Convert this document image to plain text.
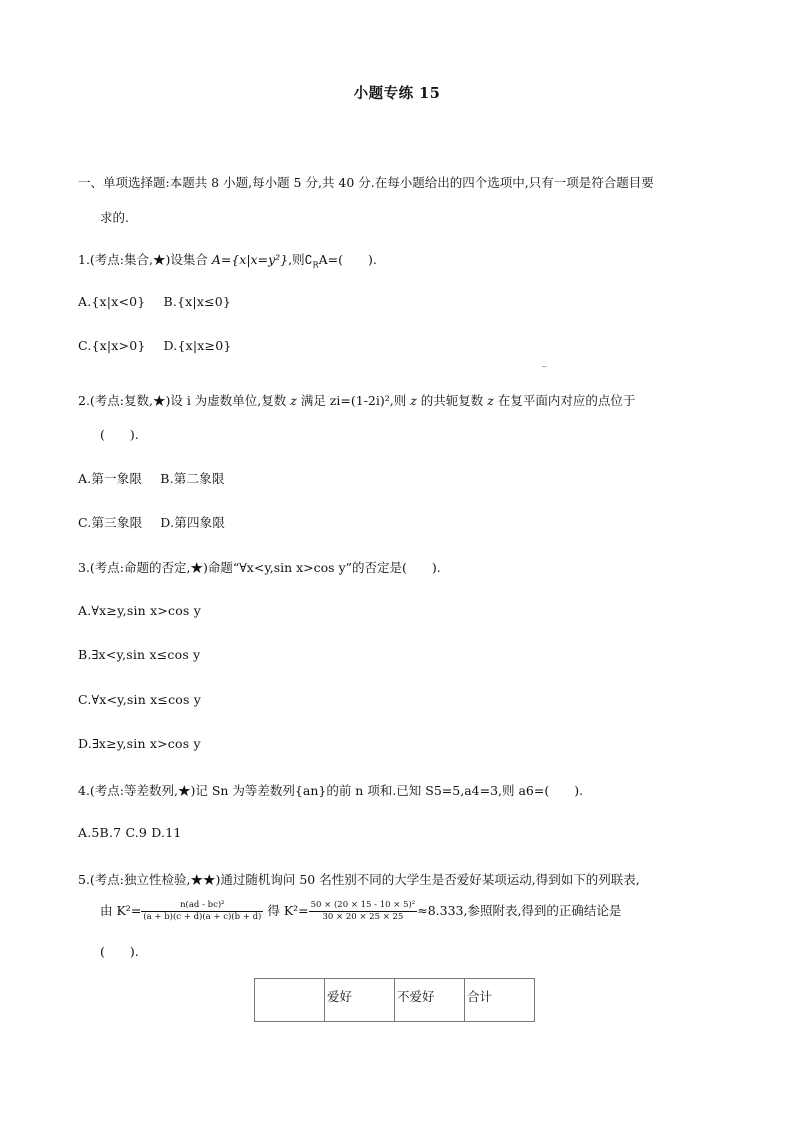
小题专练 15
一、单项选择题:本题共 8 小题,每小题 5 分,共 40 分.在每小题给出的四个选项中,只有一项是符合题目要
求的.
1.(考点:集合,★)设集合 A={x|x=y²},则$∁_RA=$(　　).
A.{x|x<0} B.{x|x≤0}
C.{x|x>0} D.{x|x≥0}
‾
2.(考点:复数,★)设 i 为虚数单位,复数 z 满足 zi=(1-2i)²,则 z 的共轭复数 z 在复平面内对应的点位于
(　　).
A.第一象限 B.第二象限
C.第三象限 D.第四象限
3.(考点:命题的否定,★)命题“∀x<y,sin x>cos y”的否定是(　　).
A.∀x≥y,sin x>cos y
B.∃x<y,sin x≤cos y
C.∀x<y,sin x≤cos y
D.∃x≥y,sin x>cos y
4.(考点:等差数列,★)记 Sn 为等差数列{an}的前 n 项和.已知 S5=5,a4=3,则 a6=(　　).
A.5B.7 C.9 D.11
5.(考点:独立性检验,★★)通过随机询问 50 名性别不同的大学生是否爱好某项运动,得到如下的列联表,
由 $K^2= \frac{\text{n(ad - bc)²}}{(a + b)(c + d)(a + c)(b + d)}$ 得 $K^2= \frac{\text{50 × (20 × 15 - 10 × 5)²}}{30 \times 20 \times 25 \times 25} \approx 8.333$,参照附表,得到的正确结论是
(　　).
	爱好	不爱好	合计
